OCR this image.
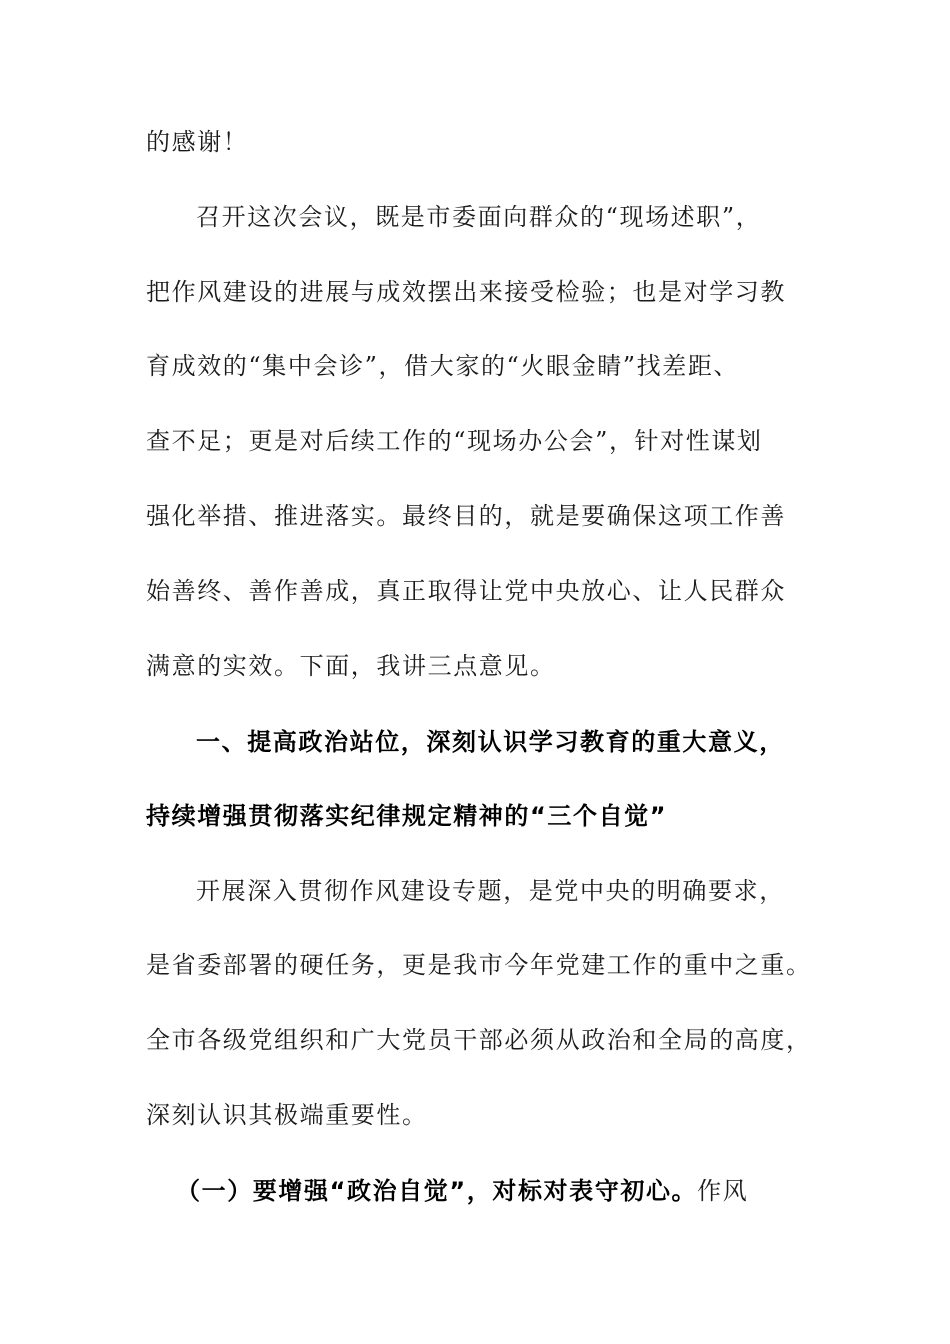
的感谢！

召开这次会议，既是市委面向群众的“现场述职”，

把作风建设的进展与成效摆出来接受检验；也是对学习教

育成效的“集中会诊”，借大家的“火眼金睛”找差距、

查不足；更是对后续工作的“现场办公会”，针对性谋划

强化举措、推进落实。最终目的，就是要确保这项工作善

始善终、善作善成，真正取得让党中央放心、让人民群众

满意的实效。下面，我讲三点意见。

一、提高政治站位，深刻认识学习教育的重大意义，

持续增强贯彻落实纪律规定精神的“三个自觉”

开展深入贯彻作风建设专题，是党中央的明确要求，

是省委部署的硬任务，更是我市今年党建工作的重中之重。

全市各级党组织和广大党员干部必须从政治和全局的高度，

深刻认识其极端重要性。

（一）要增强“政治自觉”，对标对表守初心。作风
